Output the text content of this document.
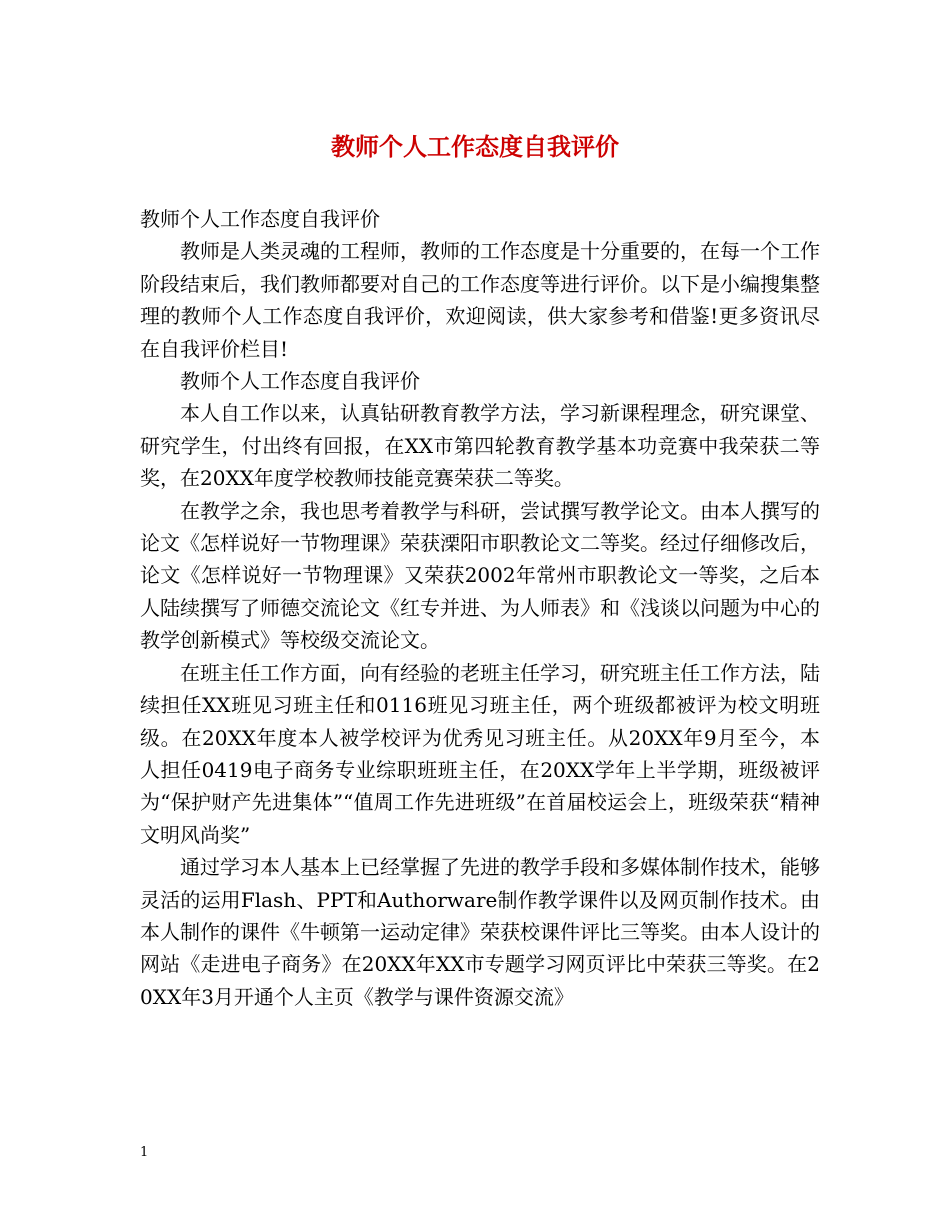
教师个人工作态度自我评价

教师个人工作态度自我评价

教师是人类灵魂的工程师，教师的工作态度是十分重要的，在每一个工作阶段结束后，我们教师都要对自己的工作态度等进行评价。以下是小编搜集整理的教师个人工作态度自我评价，欢迎阅读，供大家参考和借鉴!更多资讯尽在自我评价栏目!

教师个人工作态度自我评价

本人自工作以来，认真钻研教育教学方法，学习新课程理念，研究课堂、研究学生，付出终有回报，在XX市第四轮教育教学基本功竞赛中我荣获二等奖，在20XX年度学校教师技能竞赛荣获二等奖。

在教学之余，我也思考着教学与科研，尝试撰写教学论文。由本人撰写的论文《怎样说好一节物理课》荣获溧阳市职教论文二等奖。经过仔细修改后，论文《怎样说好一节物理课》又荣获2002年常州市职教论文一等奖，之后本人陆续撰写了师德交流论文《红专并进、为人师表》和《浅谈以问题为中心的教学创新模式》等校级交流论文。

在班主任工作方面，向有经验的老班主任学习，研究班主任工作方法，陆续担任XX班见习班主任和0116班见习班主任，两个班级都被评为校文明班级。在20XX年度本人被学校评为优秀见习班主任。从20XX年9月至今，本人担任0419电子商务专业综职班班主任，在20XX学年上半学期，班级被评为“保护财产先进集体”“值周工作先进班级”在首届校运会上，班级荣获“精神文明风尚奖”

通过学习本人基本上已经掌握了先进的教学手段和多媒体制作技术，能够灵活的运用Flash、PPT和Authorware制作教学课件以及网页制作技术。由本人制作的课件《牛顿第一运动定律》荣获校课件评比三等奖。由本人设计的网站《走进电子商务》在20XX年XX市专题学习网页评比中荣获三等奖。在20XX年3月开通个人主页《教学与课件资源交流》

1
